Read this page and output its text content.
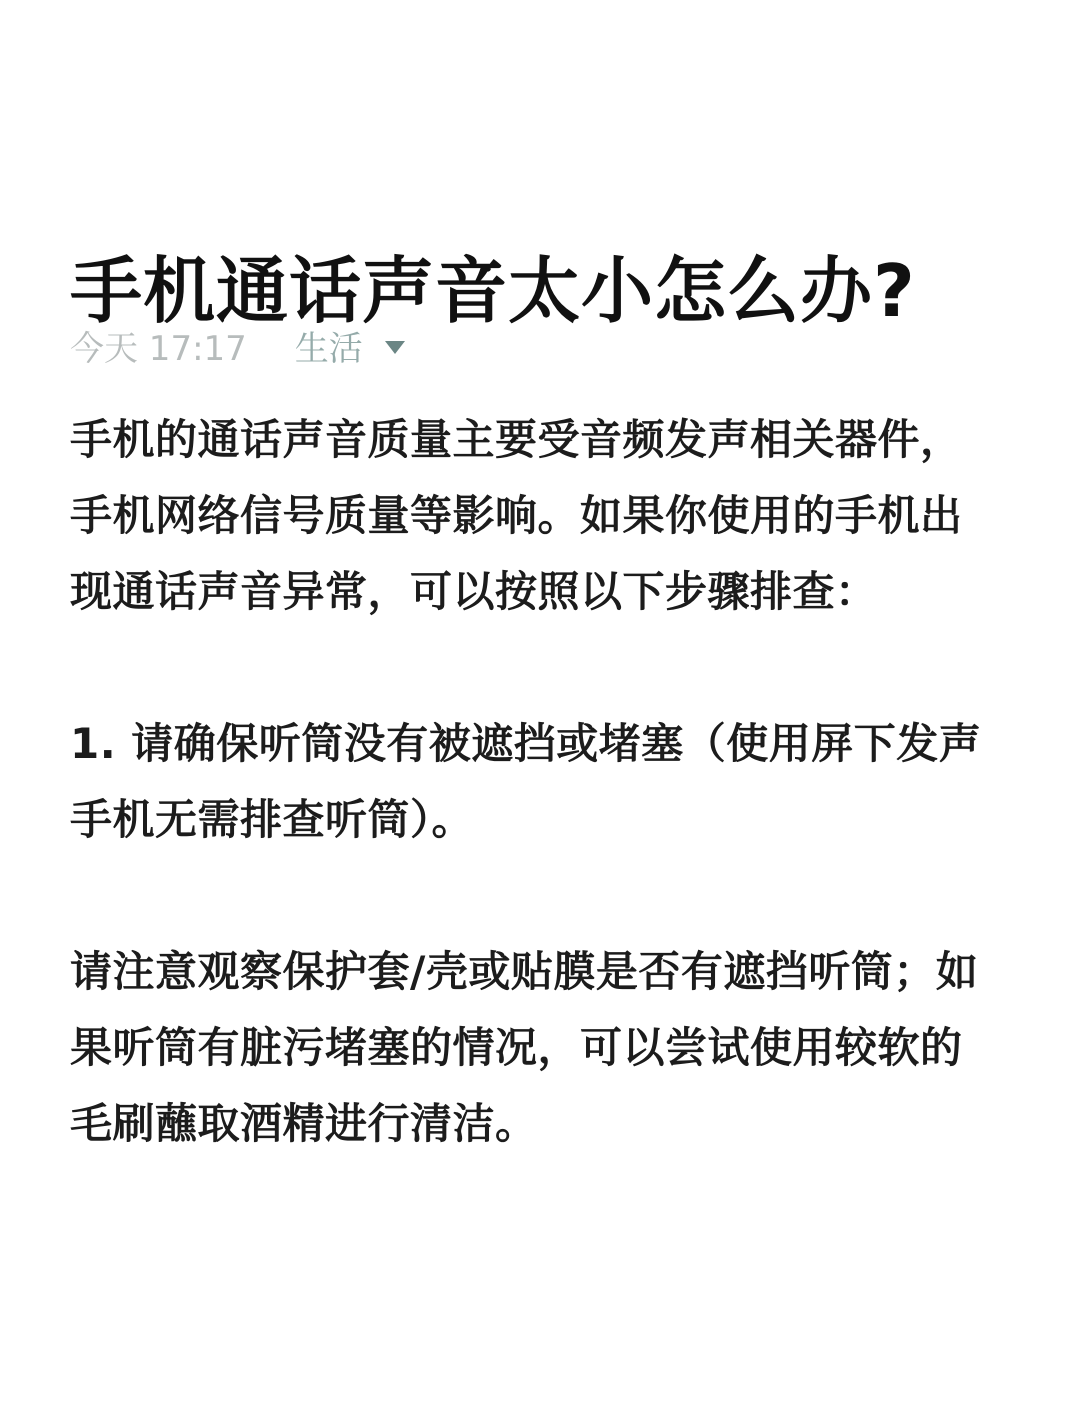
手机通话声音太小怎么办?
今天 17:17 生活

手机的通话声音质量主要受音频发声相关器件，手机网络信号质量等影响。如果你使用的手机出现通话声音异常，可以按照以下步骤排查：

1. 请确保听筒没有被遮挡或堵塞（使用屏下发声手机无需排查听筒）。

请注意观察保护套/壳或贴膜是否有遮挡听筒；如果听筒有脏污堵塞的情况，可以尝试使用较软的毛刷蘸取酒精进行清洁。
